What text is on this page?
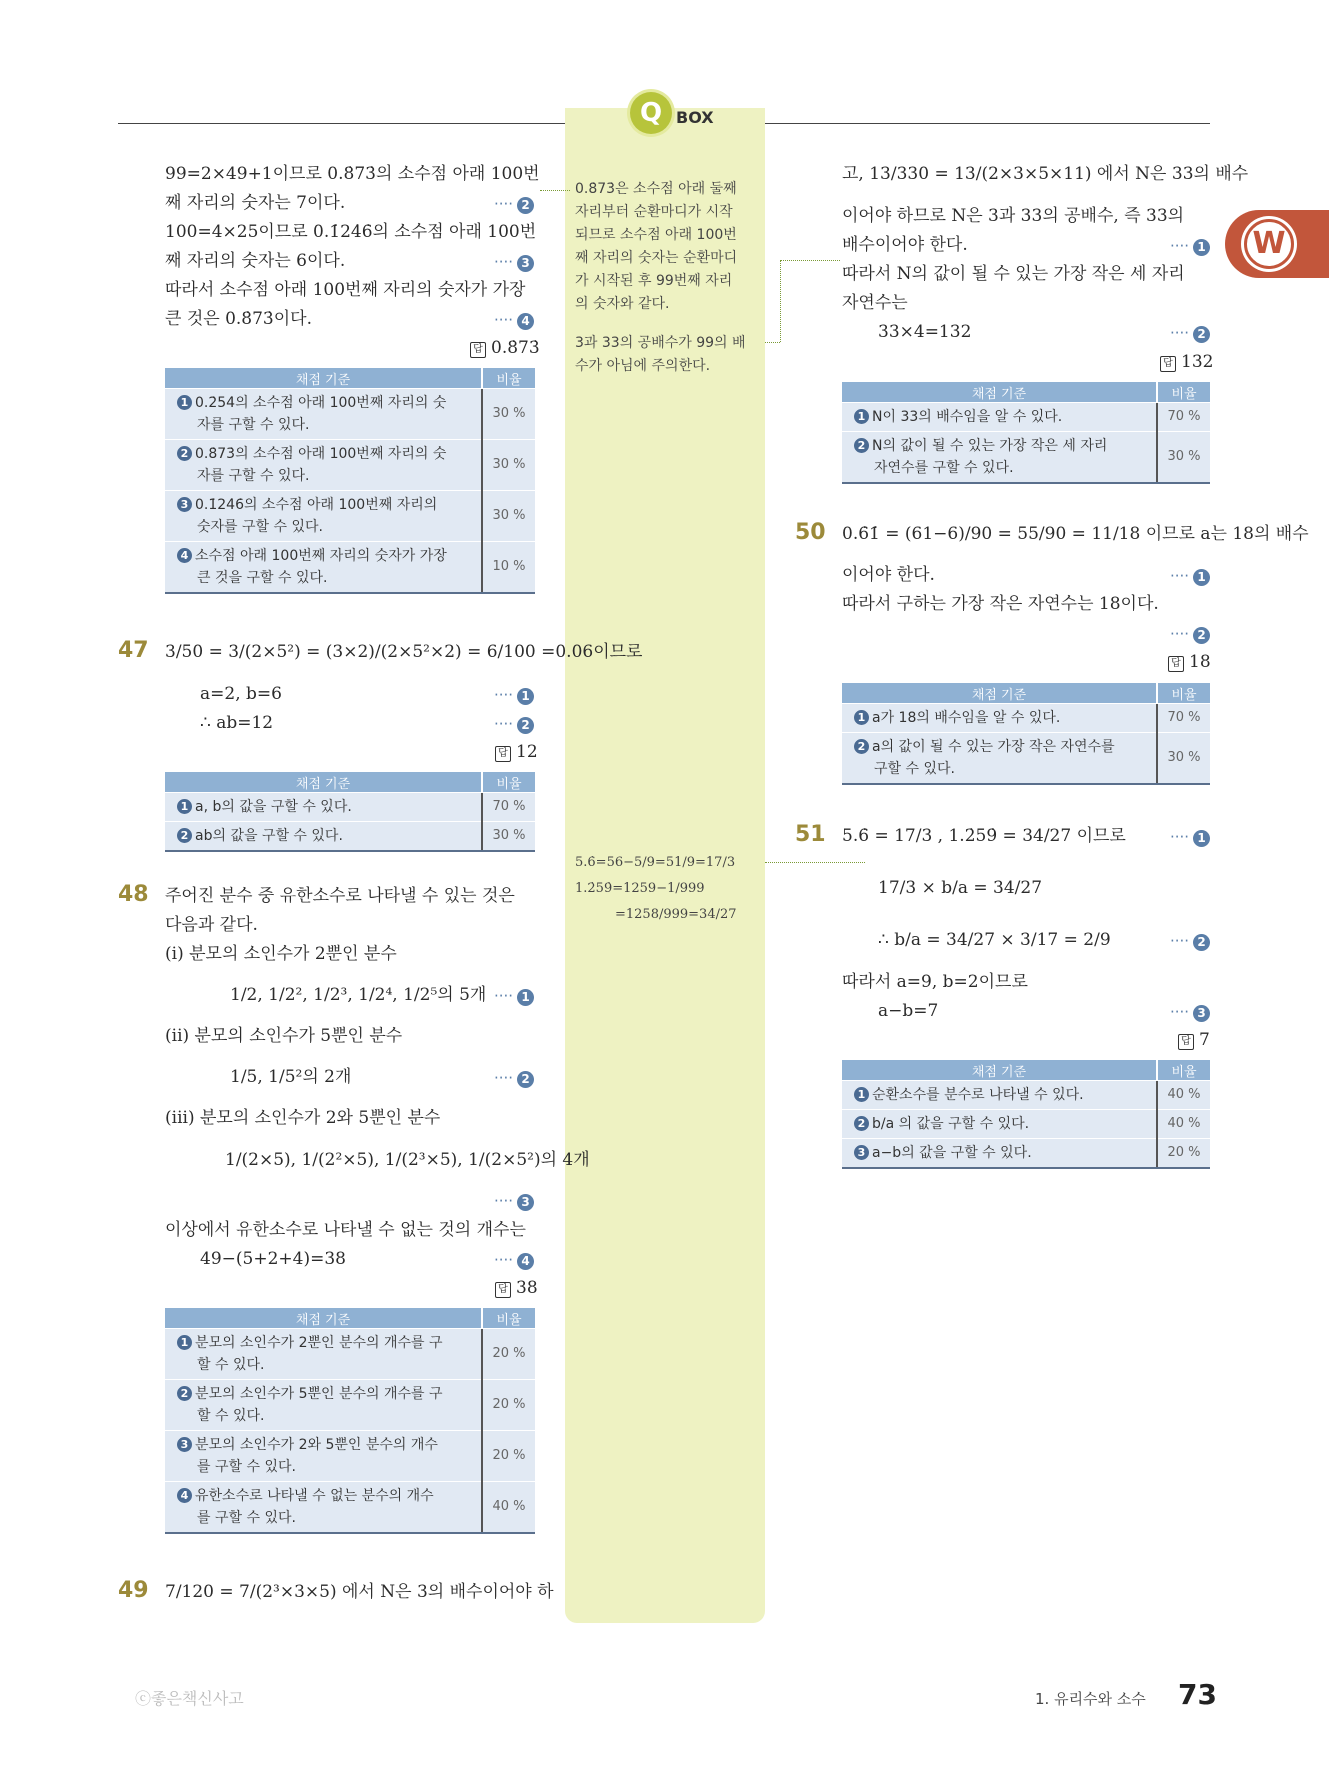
Q BOX
0.8̇73̇은 소수점 아래 둘째
자리부터 순환마디가 시작
되므로 소수점 아래 100번
째 자리의 숫자는 순환마디
가 시작된 후 99번째 자리
의 숫자와 같다.
3과 33의 공배수가 99의 배
수가 아님에 주의한다.
5.6̇=56−5/9=51/9=17/3
1.2̇59̇=1259−1/999
=1258/999=34/27
99=2×49+1이므로 0.8̇73̇의 소수점 아래 100번
째 자리의 숫자는 7이다.	···· 2
100=4×25이므로 0.1̇24̇6̇의 소수점 아래 100번
째 자리의 숫자는 6이다.	···· 3
따라서 소수점 아래 100번째 자리의 숫자가 가장
큰 것은 0.8̇73̇이다.	···· 4
답 0.8̇73̇
채점 기준	비율
1 0.2̇54̇의 소수점 아래 100번째 자리의 숫
자를 구할 수 있다.	30 %
2 0.8̇73̇의 소수점 아래 100번째 자리의 숫
자를 구할 수 있다.	30 %
3 0.1̇24̇6̇의 소수점 아래 100번째 자리의
숫자를 구할 수 있다.	30 %
4 소수점 아래 100번째 자리의 숫자가 가장
큰 것을 구할 수 있다.	10 %
47 3/50 = 3/(2×5²) = (3×2)/(2×5²×2) = 6/100 =0.06이므로
a=2, b=6	···· 1
∴ ab=12	···· 2
답 12
채점 기준	비율
1 a, b의 값을 구할 수 있다.	70 %
2 ab의 값을 구할 수 있다.	30 %
48 주어진 분수 중 유한소수로 나타낼 수 있는 것은
다음과 같다.
(i) 분모의 소인수가 2뿐인 분수
1/2, 1/2², 1/2³, 1/2⁴, 1/2⁵의 5개 ···· 1
(ii) 분모의 소인수가 5뿐인 분수
1/5, 1/5²의 2개	···· 2
(iii) 분모의 소인수가 2와 5뿐인 분수
1/(2×5), 1/(2²×5), 1/(2³×5), 1/(2×5²)의 4개
···· 3
이상에서 유한소수로 나타낼 수 없는 것의 개수는
49−(5+2+4)=38	···· 4
답 38
채점 기준	비율
1 분모의 소인수가 2뿐인 분수의 개수를 구
할 수 있다.	20 %
2 분모의 소인수가 5뿐인 분수의 개수를 구
할 수 있다.	20 %
3 분모의 소인수가 2와 5뿐인 분수의 개수
를 구할 수 있다.	20 %
4 유한소수로 나타낼 수 없는 분수의 개수
를 구할 수 있다.	40 %
49 7/120 = 7/(2³×3×5) 에서 N은 3의 배수이어야 하
고, 13/330 = 13/(2×3×5×11) 에서 N은 33의 배수
이어야 하므로 N은 3과 33의 공배수, 즉 33의
배수이어야 한다.	···· 1
따라서 N의 값이 될 수 있는 가장 작은 세 자리
자연수는
33×4=132	···· 2
답 132
채점 기준	비율
1 N이 33의 배수임을 알 수 있다.	70 %
2 N의 값이 될 수 있는 가장 작은 세 자리
자연수를 구할 수 있다.	30 %
50 0.6̇1̇ = (61−6)/90 = 55/90 = 11/18 이므로 a는 18의 배수
이어야 한다.	···· 1
따라서 구하는 가장 작은 자연수는 18이다.
···· 2
답 18
채점 기준	비율
1 a가 18의 배수임을 알 수 있다.	70 %
2 a의 값이 될 수 있는 가장 작은 자연수를
구할 수 있다.	30 %
51 5.6̇ = 17/3 , 1.2̇59̇ = 34/27 이므로	···· 1
17/3 × b/a = 34/27
∴ b/a = 34/27 × 3/17 = 2/9	···· 2
따라서 a=9, b=2이므로
a−b=7	···· 3
답 7
채점 기준	비율
1 순환소수를 분수로 나타낼 수 있다.	40 %
2 b/a 의 값을 구할 수 있다.	40 %
3 a−b의 값을 구할 수 있다.	20 %
W
ⓒ좋은책신사고	1. 유리수와 소수 73
